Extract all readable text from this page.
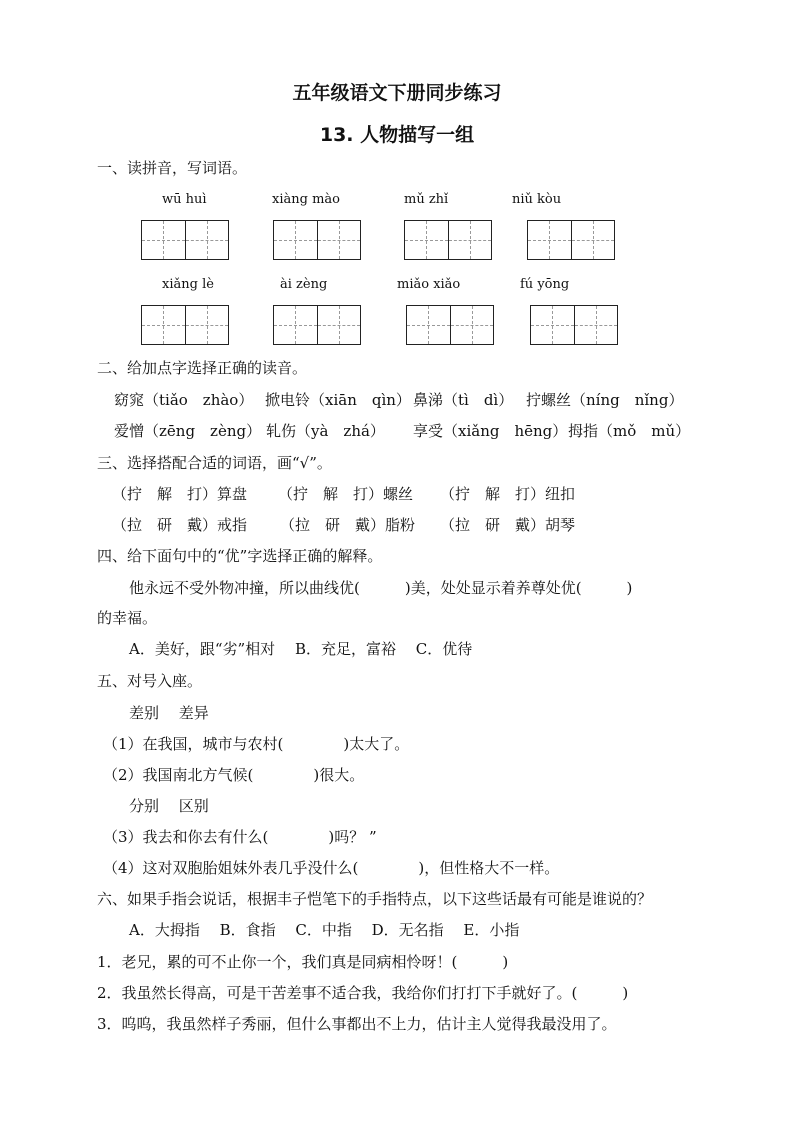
五年级语文下册同步练习
13. 人物描写一组
一、读拼音，写词语。
wū huì	xiàng mào	mǔ zhǐ	niǔ kòu
xiǎng lè	ài zèng	miǎo xiǎo	fú yōng
二、给加点字选择正确的读音。
窈窕（tiǎo　zhào） 掀电铃（xiān　qìn） 鼻涕（tì　dì） 拧螺丝（níng　nǐng）
爱憎（zēng　zèng） 轧伤（yà　zhá） 享受（xiǎng　hēng） 拇指（mǒ　mǔ）
三、选择搭配合适的词语，画“√”。
（拧　解　打）算盘 （拧　解　打）螺丝 （拧　解　打）纽扣
（拉　研　戴）戒指 （拉　研　戴）脂粉 （拉　研　戴）胡琴
四、给下面句中的“优”字选择正确的解释。
他永远不受外物冲撞，所以曲线优(　　　)美，处处显示着养尊处优(　　　)
的幸福。
A．美好，跟“劣”相对　 B．充足，富裕　 C．优待
五、对号入座。
差别　 差异
（1）在我国，城市与农村(　　　　)太大了。
（2）我国南北方气候(　　　　)很大。
分别　 区别
（3）我去和你去有什么(　　　　)吗？ ”
（4）这对双胞胎姐妹外表几乎没什么(　　　　)，但性格大不一样。
六、如果手指会说话，根据丰子恺笔下的手指特点，以下这些话最有可能是谁说的？
A．大拇指　 B．食指　 C．中指　 D．无名指　 E．小指
1．老兄，累的可不止你一个，我们真是同病相怜呀！(　　　)
2．我虽然长得高，可是干苦差事不适合我，我给你们打打下手就好了。(　　　)
3．呜呜，我虽然样子秀丽，但什么事都出不上力，估计主人觉得我最没用了。
